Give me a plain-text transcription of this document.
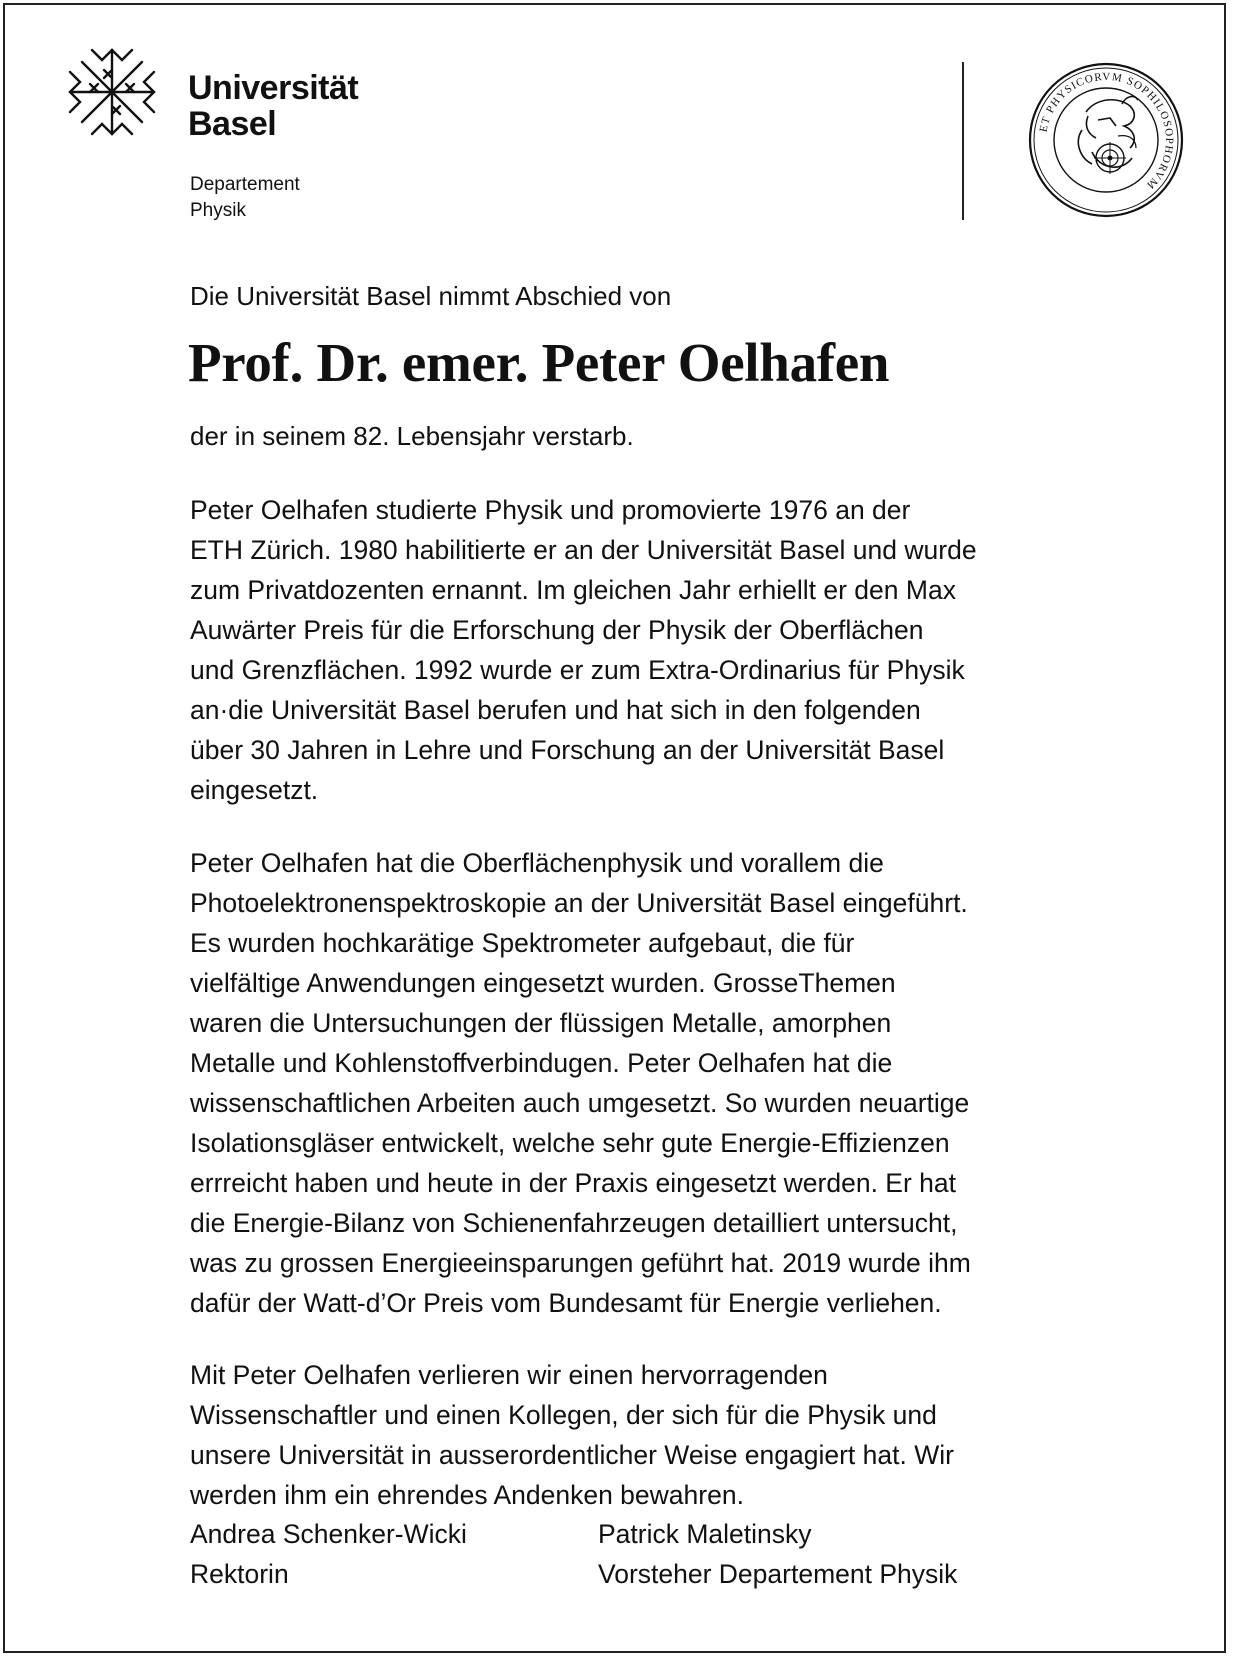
Universität
Basel
Departement
Physik
ET PHYSICORVM SOPHILOSOPHORVM
Die Universität Basel nimmt Abschied von
Prof. Dr. emer. Peter Oelhafen
der in seinem 82. Lebensjahr verstarb.
Peter Oelhafen studierte Physik und promovierte 1976 an der
ETH Zürich. 1980 habilitierte er an der Universität Basel und wurde
zum Privatdozenten ernannt. Im gleichen Jahr erhiellt er den Max
Auwärter Preis für die Erforschung der Physik der Oberflächen
und Grenzflächen. 1992 wurde er zum Extra-Ordinarius für Physik
an·die Universität Basel berufen und hat sich in den folgenden
über 30 Jahren in Lehre und Forschung an der Universität Basel
eingesetzt.
Peter Oelhafen hat die Oberflächenphysik und vorallem die
Photoelektronenspektroskopie an der Universität Basel eingeführt.
Es wurden hochkarätige Spektrometer aufgebaut, die für
vielfältige Anwendungen eingesetzt wurden. GrosseThemen
waren die Untersuchungen der flüssigen Metalle, amorphen
Metalle und Kohlenstoffverbindugen. Peter Oelhafen hat die
wissenschaftlichen Arbeiten auch umgesetzt. So wurden neuartige
Isolationsgläser entwickelt, welche sehr gute Energie-Effizienzen
errreicht haben und heute in der Praxis eingesetzt werden. Er hat
die Energie-Bilanz von Schienenfahrzeugen detailliert untersucht,
was zu grossen Energieeinsparungen geführt hat. 2019 wurde ihm
dafür der Watt-d’Or Preis vom Bundesamt für Energie verliehen.
Mit Peter Oelhafen verlieren wir einen hervorragenden
Wissenschaftler und einen Kollegen, der sich für die Physik und
unsere Universität in ausserordentlicher Weise engagiert hat. Wir
werden ihm ein ehrendes Andenken bewahren.
Andrea Schenker-Wicki
Rektorin
Patrick Maletinsky
Vorsteher Departement Physik
